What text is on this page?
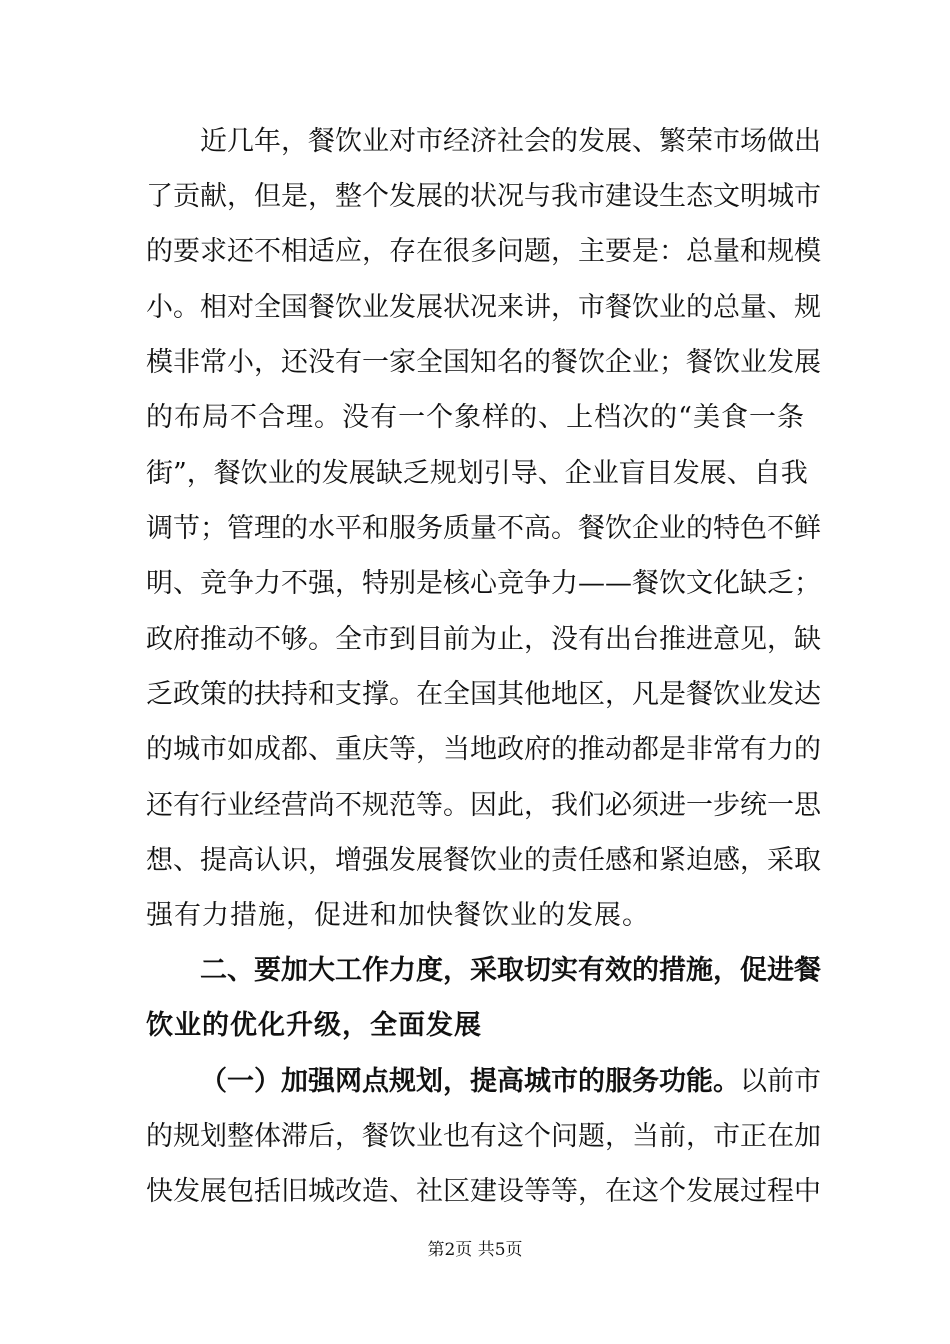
近几年，餐饮业对市经济社会的发展、繁荣市场做出
了贡献，但是，整个发展的状况与我市建设生态文明城市
的要求还不相适应，存在很多问题，主要是：总量和规模
小。相对全国餐饮业发展状况来讲，市餐饮业的总量、规
模非常小，还没有一家全国知名的餐饮企业；餐饮业发展
的布局不合理。没有一个象样的、上档次的“美食一条
街”，餐饮业的发展缺乏规划引导、企业盲目发展、自我
调节；管理的水平和服务质量不高。餐饮企业的特色不鲜
明、竞争力不强，特别是核心竞争力——餐饮文化缺乏；
政府推动不够。全市到目前为止，没有出台推进意见，缺
乏政策的扶持和支撑。在全国其他地区，凡是餐饮业发达
的城市如成都、重庆等，当地政府的推动都是非常有力的
还有行业经营尚不规范等。因此，我们必须进一步统一思
想、提高认识，增强发展餐饮业的责任感和紧迫感，采取
强有力措施，促进和加快餐饮业的发展。
二、要加大工作力度，采取切实有效的措施，促进餐
饮业的优化升级，全面发展
（一）加强网点规划，提高城市的服务功能。以前市
的规划整体滞后，餐饮业也有这个问题，当前，市正在加
快发展包括旧城改造、社区建设等等，在这个发展过程中
第2页 共5页
